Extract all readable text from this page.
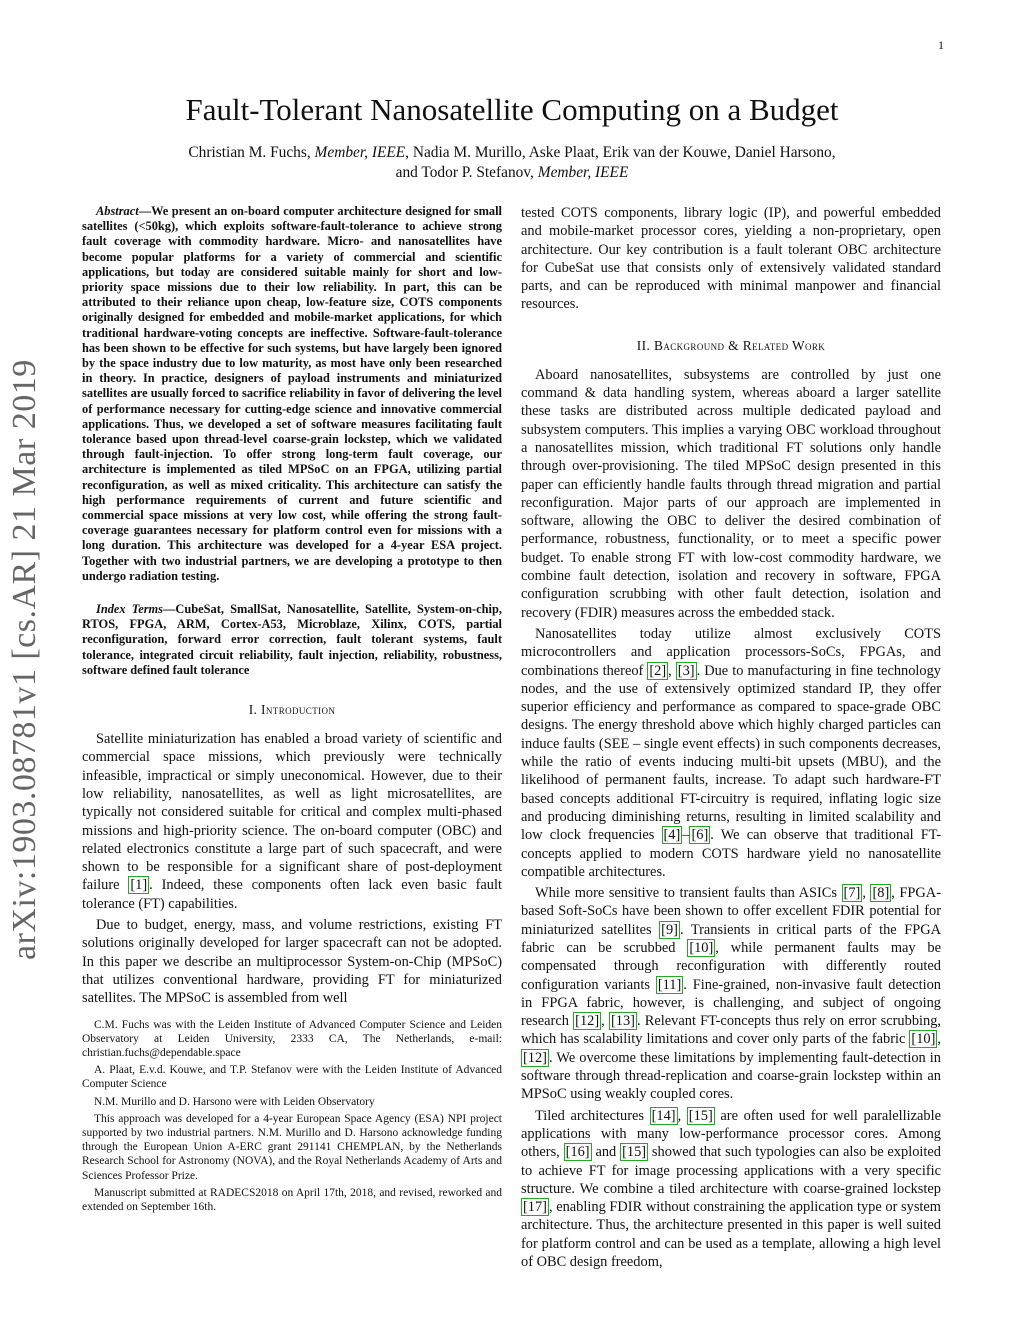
1
arXiv:1903.08781v1 [cs.AR] 21 Mar 2019
Fault-Tolerant Nanosatellite Computing on a Budget
Christian M. Fuchs, Member, IEEE, Nadia M. Murillo, Aske Plaat, Erik van der Kouwe, Daniel Harsono,
and Todor P. Stefanov, Member, IEEE

Abstract—We present an on-board computer architecture designed for small satellites (<50kg), which exploits software-fault-tolerance to achieve strong fault coverage with commodity hardware. Micro- and nanosatellites have become popular platforms for a variety of commercial and scientific applications, but today are considered suitable mainly for short and low-priority space missions due to their low reliability. In part, this can be attributed to their reliance upon cheap, low-feature size, COTS components originally designed for embedded and mobile-market applications, for which traditional hardware-voting concepts are ineffective. Software-fault-tolerance has been shown to be effective for such systems, but have largely been ignored by the space industry due to low maturity, as most have only been researched in theory. In practice, designers of payload instruments and miniaturized satellites are usually forced to sacrifice reliability in favor of delivering the level of performance necessary for cutting-edge science and innovative commercial applications. Thus, we developed a set of software measures facilitating fault tolerance based upon thread-level coarse-grain lockstep, which we validated through fault-injection. To offer strong long-term fault coverage, our architecture is implemented as tiled MPSoC on an FPGA, utilizing partial reconfiguration, as well as mixed criticality. This architecture can satisfy the high performance requirements of current and future scientific and commercial space missions at very low cost, while offering the strong fault-coverage guarantees necessary for platform control even for missions with a long duration. This architecture was developed for a 4-year ESA project. Together with two industrial partners, we are developing a prototype to then undergo radiation testing.

Index Terms—CubeSat, SmallSat, Nanosatellite, Satellite, System-on-chip, RTOS, FPGA, ARM, Cortex-A53, Microblaze, Xilinx, COTS, partial reconfiguration, forward error correction, fault tolerant systems, fault tolerance, integrated circuit reliability, fault injection, reliability, robustness, software defined fault tolerance

I. Introduction

Satellite miniaturization has enabled a broad variety of scientific and commercial space missions, which previously were technically infeasible, impractical or simply uneconomical. However, due to their low reliability, nanosatellites, as well as light microsatellites, are typically not considered suitable for critical and complex multi-phased missions and high-priority science. The on-board computer (OBC) and related electronics constitute a large part of such spacecraft, and were shown to be responsible for a significant share of post-deployment failure [1] . Indeed, these components often lack even basic fault tolerance (FT) capabilities.

Due to budget, energy, mass, and volume restrictions, existing FT solutions originally developed for larger spacecraft can not be adopted. In this paper we describe an multiprocessor System-on-Chip (MPSoC) that utilizes conventional hardware, providing FT for miniaturized satellites. The MPSoC is assembled from well

C.M. Fuchs was with the Leiden Institute of Advanced Computer Science and Leiden Observatory at Leiden University, 2333 CA, The Netherlands, e-mail: christian.fuchs@dependable.space

A. Plaat, E.v.d. Kouwe, and T.P. Stefanov were with the Leiden Institute of Advanced Computer Science

N.M. Murillo and D. Harsono were with Leiden Observatory

This approach was developed for a 4-year European Space Agency (ESA) NPI project supported by two industrial partners. N.M. Murillo and D. Harsono acknowledge funding through the European Union A-ERC grant 291141 CHEMPLAN, by the Netherlands Research School for Astronomy (NOVA), and the Royal Netherlands Academy of Arts and Sciences Professor Prize.

Manuscript submitted at RADECS2018 on April 17th, 2018, and revised, reworked and extended on September 16th.

tested COTS components, library logic (IP), and powerful embedded and mobile-market processor cores, yielding a non-proprietary, open architecture. Our key contribution is a fault tolerant OBC architecture for CubeSat use that consists only of extensively validated standard parts, and can be reproduced with minimal manpower and financial resources.

II. Background & Related Work

Aboard nanosatellites, subsystems are controlled by just one command & data handling system, whereas aboard a larger satellite these tasks are distributed across multiple dedicated payload and subsystem computers. This implies a varying OBC workload throughout a nanosatellites mission, which traditional FT solutions only handle through over-provisioning. The tiled MPSoC design presented in this paper can efficiently handle faults through thread migration and partial reconfiguration. Major parts of our approach are implemented in software, allowing the OBC to deliver the desired combination of performance, robustness, functionality, or to meet a specific power budget. To enable strong FT with low-cost commodity hardware, we combine fault detection, isolation and recovery in software, FPGA configuration scrubbing with other fault detection, isolation and recovery (FDIR) measures across the embedded stack.

Nanosatellites today utilize almost exclusively COTS microcontrollers and application processors-SoCs, FPGAs, and combinations thereof [2] , [3] . Due to manufacturing in fine technology nodes, and the use of extensively optimized standard IP, they offer superior efficiency and performance as compared to space-grade OBC designs. The energy threshold above which highly charged particles can induce faults (SEE – single event effects) in such components decreases, while the ratio of events inducing multi-bit upsets (MBU), and the likelihood of permanent faults, increase. To adapt such hardware-FT based concepts additional FT-circuitry is required, inflating logic size and producing diminishing returns, resulting in limited scalability and low clock frequencies [4] – [6] . We can observe that traditional FT-concepts applied to modern COTS hardware yield no nanosatellite compatible architectures.

While more sensitive to transient faults than ASICs [7] , [8] , FPGA-based Soft-SoCs have been shown to offer excellent FDIR potential for miniaturized satellites [9] . Transients in critical parts of the FPGA fabric can be scrubbed [10] , while permanent faults may be compensated through reconfiguration with differently routed configuration variants [11] . Fine-grained, non-invasive fault detection in FPGA fabric, however, is challenging, and subject of ongoing research [12] , [13] . Relevant FT-concepts thus rely on error scrubbing, which has scalability limitations and cover only parts of the fabric [10] , [12] . We overcome these limitations by implementing fault-detection in software through thread-replication and coarse-grain lockstep within an MPSoC using weakly coupled cores.

Tiled architectures [14] , [15] are often used for well paralellizable applications with many low-performance processor cores. Among others, [16] and [15] showed that such typologies can also be exploited to achieve FT for image processing applications with a very specific structure. We combine a tiled architecture with coarse-grained lockstep [17] , enabling FDIR without constraining the application type or system architecture. Thus, the architecture presented in this paper is well suited for platform control and can be used as a template, allowing a high level of OBC design freedom,
